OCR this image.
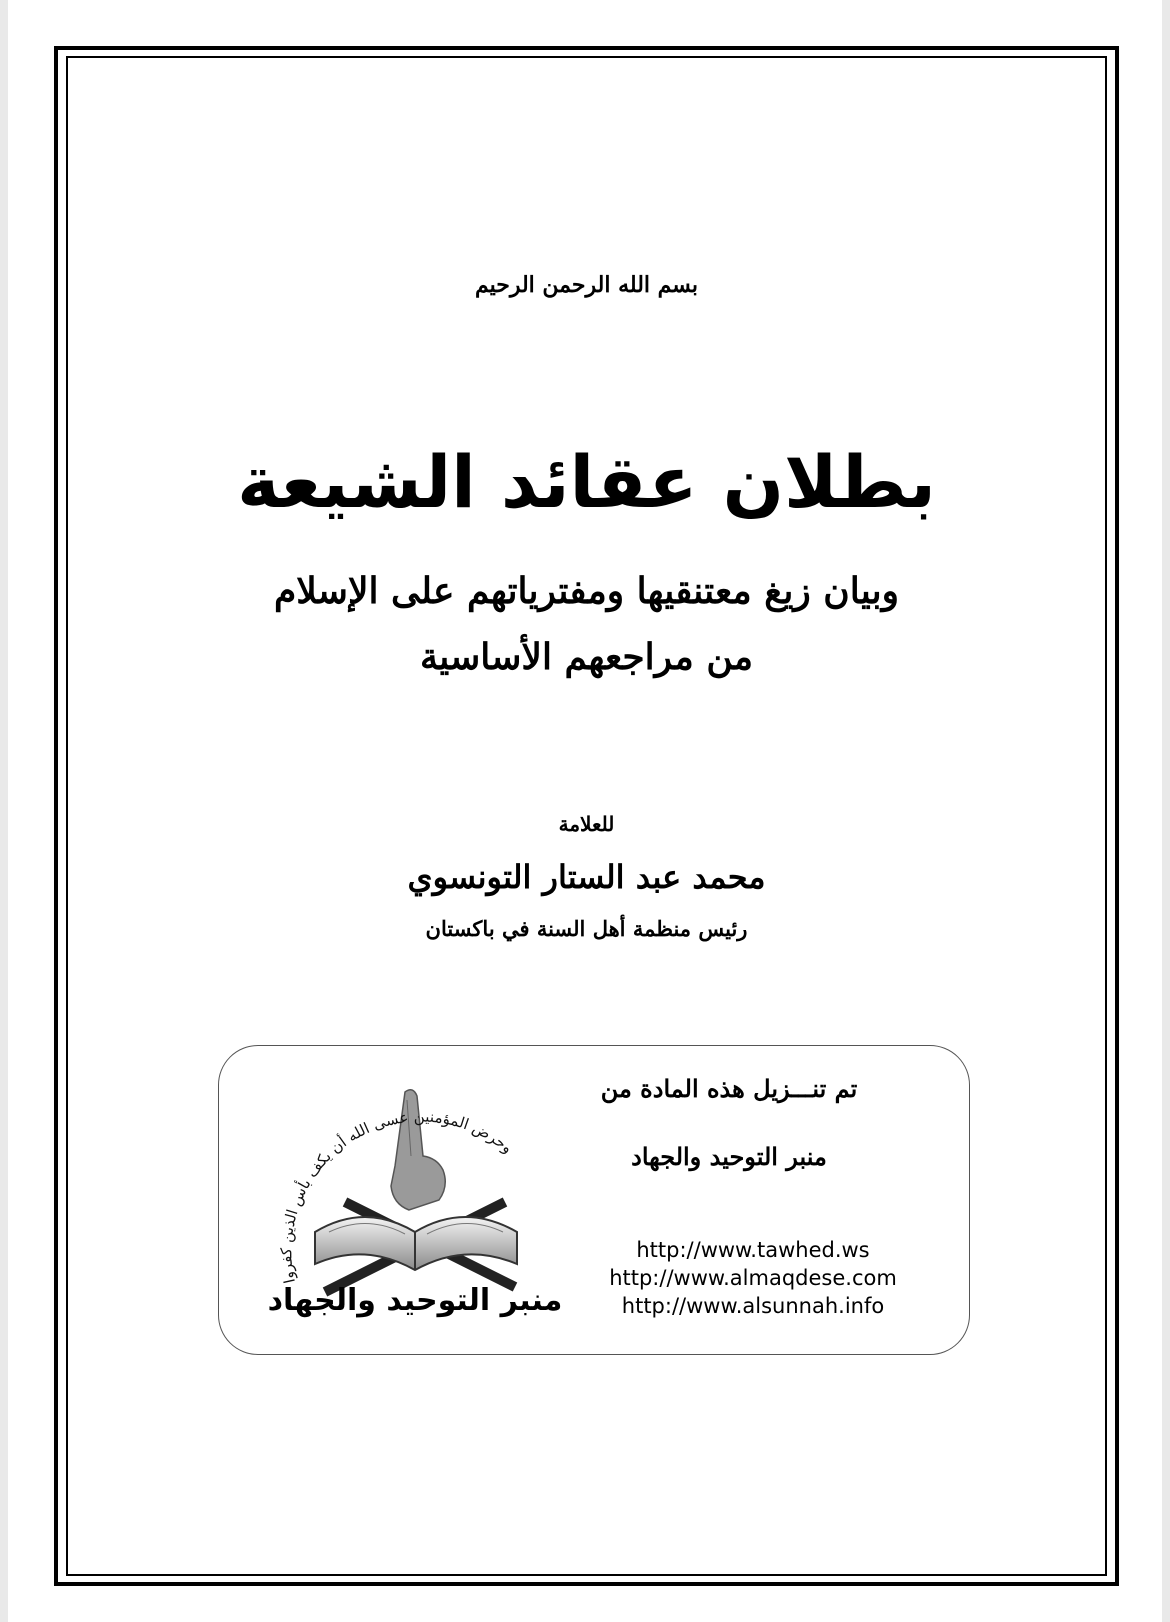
بسم الله الرحمن الرحيم
بطلان عقائد الشيعة
وبيان زيغ معتنقيها ومفترياتهم على الإسلام
من مراجعهم الأساسية
للعلامة
محمد عبد الستار التونسوي
رئيس منظمة أهل السنة في باكستان
تم تنـــزيل هذه المادة من
منبر التوحيد والجهاد
http://www.tawhed.ws
http://www.almaqdese.com
http://www.alsunnah.info
وحرض المؤمنين عسى الله أن يكف بأس الذين كفروا
منبر التوحيد والجهاد
